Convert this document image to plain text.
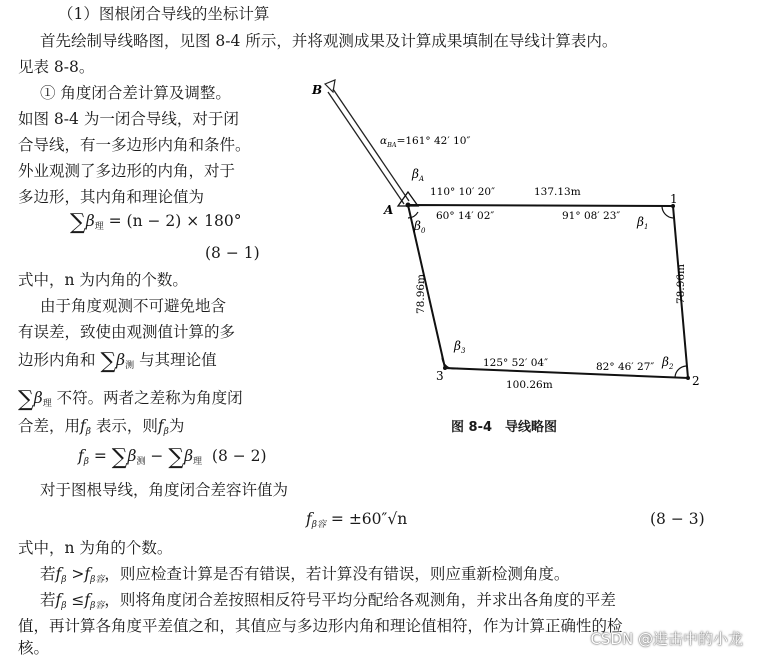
（1）图根闭合导线的坐标计算
首先绘制导线略图，见图 8-4 所示，并将观测成果及计算成果填制在导线计算表内。
见表 8-8。
① 角度闭合差计算及调整。
如图 8-4 为一闭合导线，对于闭
合导线，有一多边形内角和条件。
外业观测了多边形的内角，对于
多边形，其内角和理论值为
$\sum\beta_理 = (n - 2) \times 180^\circ$
(8 − 1)
式中，n 为内角的个数。
由于角度观测不可避免地含
有误差，致使由观测值计算的多
边形内角和 $\sum\beta_测$ 与其理论值
$\sum\beta_理$ 不符。两者之差称为角度闭
合差，用$f_\beta$ 表示，则$f_\beta$为
$f_\beta = \sum\beta_测 - \sum\beta_理$ (8 − 2)
对于图根导线，角度闭合差容许值为
$f_{\beta 容} = \pm 60''√n$	(8 − 3)
式中，n 为角的个数。
若$f_\beta >f_{\beta 容}$，则应检查计算是否有错误，若计算没有错误，则应重新检测角度。
若$f_\beta \le f_{\beta 容}$，则将角度闭合差按照相反符号平均分配给各观测角，并求出各角度的平差
值，再计算各角度平差值之和，其值应与多边形内角和理论值相符，作为计算正确性的检
核。
B
A
1
2
3
$\alpha_{BA}=161^\circ$ 42′ 10″
$\beta_A$
110° 10′ 20″	137.13m
60° 14′ 02″
$\beta_0$
91° 08′ 23″ $\beta_1$
78.96m
78.96m
$\beta_3$
125° 52′ 04″	82° 46′ 27″ $\beta_2$
100.26m
图 8-4　导线略图
CSDN @进击中的小龙
